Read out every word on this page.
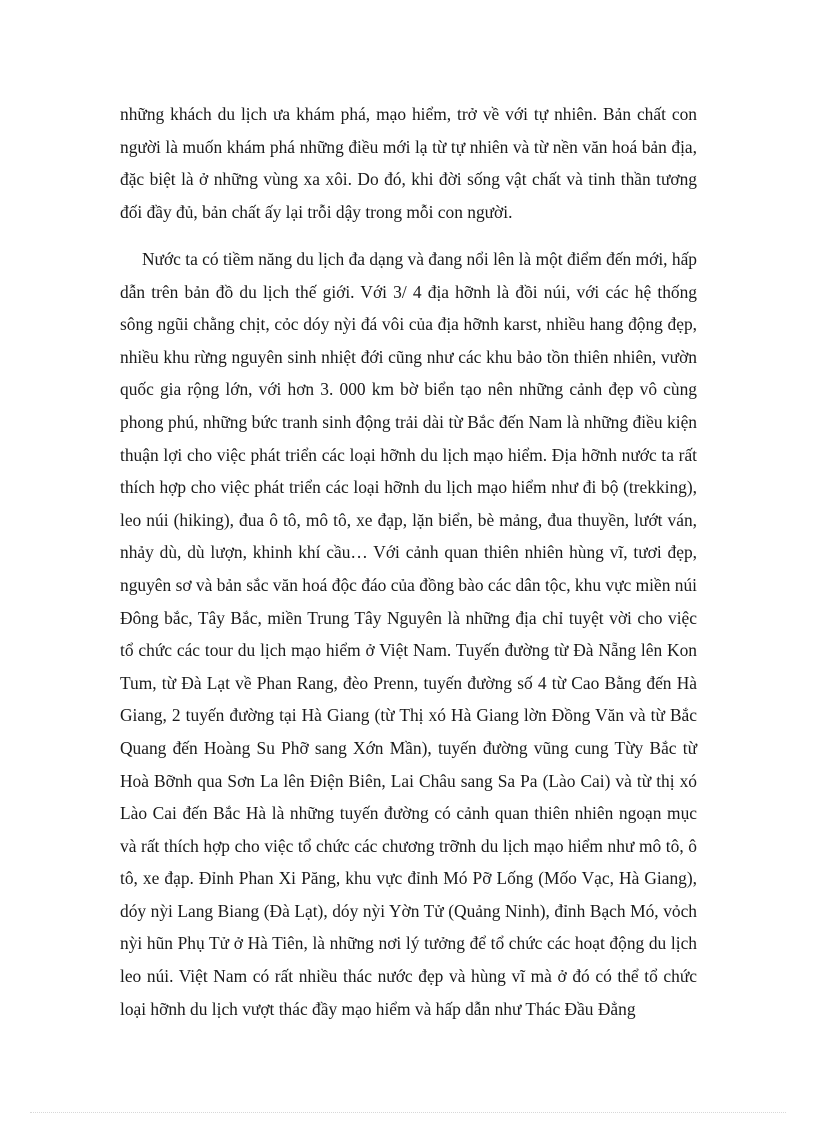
những khách du lịch ưa khám phá, mạo hiểm, trở về với tự nhiên. Bản chất con người là muốn khám phá những điều mới lạ từ tự nhiên và từ nền văn hoá bản địa, đặc biệt là ở những vùng xa xôi. Do đó, khi đời sống vật chất và tinh thần tương đối đầy đủ, bản chất ấy lại trỗi dậy trong mỗi con người.

Nước ta có tiềm năng du lịch đa dạng và đang nổi lên là một điểm đến mới, hấp dẫn trên bản đồ du lịch thế giới. Với 3/ 4 địa hỡnh là đồi núi, với các hệ thống sông ngũi chằng chịt, cỏc dóy nỳi đá vôi của địa hỡnh karst, nhiều hang động đẹp, nhiều khu rừng nguyên sinh nhiệt đới cũng như các khu bảo tồn thiên nhiên, vườn quốc gia rộng lớn, với hơn 3. 000 km bờ biển tạo nên những cảnh đẹp vô cùng phong phú, những bức tranh sinh động trải dài từ Bắc đến Nam là những điều kiện thuận lợi cho việc phát triển các loại hỡnh du lịch mạo hiểm. Địa hỡnh nước ta rất thích hợp cho việc phát triển các loại hỡnh du lịch mạo hiểm như đi bộ (trekking), leo núi (hiking), đua ô tô, mô tô, xe đạp, lặn biển, bè mảng, đua thuyền, lướt ván, nhảy dù, dù lượn, khinh khí cầu… Với cảnh quan thiên nhiên hùng vĩ, tươi đẹp, nguyên sơ và bản sắc văn hoá độc đáo của đồng bào các dân tộc, khu vực miền núi Đông bắc, Tây Bắc, miền Trung Tây Nguyên là những địa chỉ tuyệt vời cho việc tổ chức các tour du lịch mạo hiểm ở Việt Nam. Tuyến đường từ Đà Nẵng lên Kon Tum, từ Đà Lạt về Phan Rang, đèo Prenn, tuyến đường số 4 từ Cao Bằng đến Hà Giang, 2 tuyến đường tại Hà Giang (từ Thị xó Hà Giang lờn Đồng Văn và từ Bắc Quang đến Hoàng Su Phỡ sang Xớn Mần), tuyến đường vũng cung Từy Bắc từ Hoà Bỡnh qua Sơn La lên Điện Biên, Lai Châu sang Sa Pa (Lào Cai) và từ thị xó Lào Cai đến Bắc Hà là những tuyến đường có cảnh quan thiên nhiên ngoạn mục và rất thích hợp cho việc tổ chức các chương trỡnh du lịch mạo hiểm như mô tô, ô tô, xe đạp. Đỉnh Phan Xi Păng, khu vực đỉnh Mó Pỡ Lống (Mốo Vạc, Hà Giang), dóy nỳi Lang Biang (Đà Lạt), dóy nỳi Yờn Tử (Quảng Ninh), đỉnh Bạch Mó, vỏch nỳi hũn Phụ Tử ở Hà Tiên, là những nơi lý tưởng để tổ chức các hoạt động du lịch leo núi. Việt Nam có rất nhiều thác nước đẹp và hùng vĩ mà ở đó có thể tổ chức loại hỡnh du lịch vượt thác đầy mạo hiểm và hấp dẫn như Thác Đầu Đẳng
